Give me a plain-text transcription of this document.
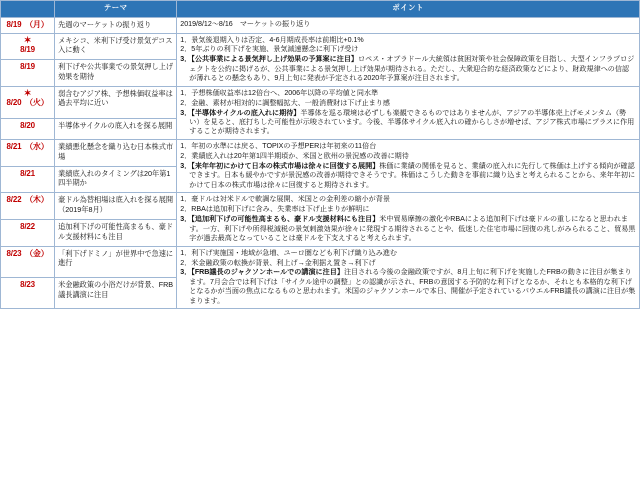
	テーマ	ポイント
8/19　（月）	先週のマーケットの振り返り	2019/8/12～8/16　マーケットの振り返り

✶
8/19	メキシコ、米利下げ受け景気デコス入に動く	1．景気後退期入りは否定、4-6月期成長率は前期比+0.1%
2．5年ぶりの利下げを実施、景気減速懸念に利下げ受け
3．【公共事業による景気押し上げ効果の予算案に注目】ロペス・オブラドール大統領は貧困対策や社会保障政策を目指し、大型インフラプロジェクトを公約に掲げるが、公共事業による景気押し上げ効果が期待される。ただし、大衆迎合的な経済政策などにより、財政規律への信認が薄れるとの懸念もあり、9月上旬に発表が予定される2020年予算案が注目されます。

8/19	利下げや公共事業での景気押し上げ効果を期待	

✶
8/20　（火）	弱含むアジア株、予想株価収益率は過去平均に近い	1．予想株価収益率は12倍台へ、2006年以降の平均値と同水準
2．金融、素材が相対的に調整幅拡大、一般消費財は下げ止まり感
3．【半導体サイクルの底入れに期待】半導体を巡る環境は必ずしも楽観できるものではありませんが、アジアの半導体売上げモメンタム（勢い）を見ると、底打ちした可能性が示唆されています。今後、半導体サイクル底入れの確からしさが増せば、アジア株式市場にプラスに作用することが期待されます。

8/20	半導体サイクルの底入れを探る展開	
8/21　（水）	業績悪化懸念を織り込む日本株式市場	1．年初の水準には戻る、TOPIXの予想PERは年初来の11倍台
2．業績底入れは20年第1四半期頃か、米国と欧州の景況感の改善に期待
3．【来年年初にかけて日本の株式市場は徐々に回復する展開】株価に業績の関係を見ると、業績の底入れに先行して株価は上げする傾向が確認できます。日本も緩やかですが景況感の改善が期待できそうです。株価はこうした動きを事前に織り込まと考えられることから、来年年初にかけて日本の株式市場は徐々に回復すると期待されます。

8/21	業績底入れのタイミングは20年第1四半期か	
8/22　（木）	豪ドル為替相場は底入れを探る展開（2019年8月）	1．豪ドルは対米ドルで軟調な展開、米国との金利差の縮小が背景
2．RBAは追加利下げに含み、失業率は下げ止まりが鮮明に
3．【追加利下げの可能性高まるも、豪ドル支援材料にも注目】米中貿易摩擦の激化やRBAによる追加利下げは豪ドルの重しになると思われます。一方、利下げや所得税減税の景気刺激効果が徐々に発現する期待されることや、低迷した住宅市場に回復の兆しがみられること、貿易黒字が過去最高となっていることは豪ドルを下支えすると考えられます。

8/22	追加利下げの可能性高まるも、豪ドル支援材料にも注目	
8/23　（金）	「利下げドミノ」が世界中で急速に進行	1．利下げ実施国・地域が急増、ユーロ圏なども利下げ織り込み進む
2．米金融政策の転換が背景、利上げ→金利据え置き→利下げ
3．【FRB議長のジャクソンホールでの講演に注目】注目される今後の金融政策ですが、8月上旬に利下げを実施したFRBの動きに注目が集まります。7月会合では利下げは「サイクル途中の調整」との認識が示され、FRBの意図する予防的な利下げとなるか、それとも本格的な利下げとなるかが当面の焦点になるものと思われます。米国のジャクソンホールで本日、開催が予定されているパウエルFRB議長の講演に注目が集まります。

8/23	米金融政策の小浴だけが背景、FRB議長講演に注目	
